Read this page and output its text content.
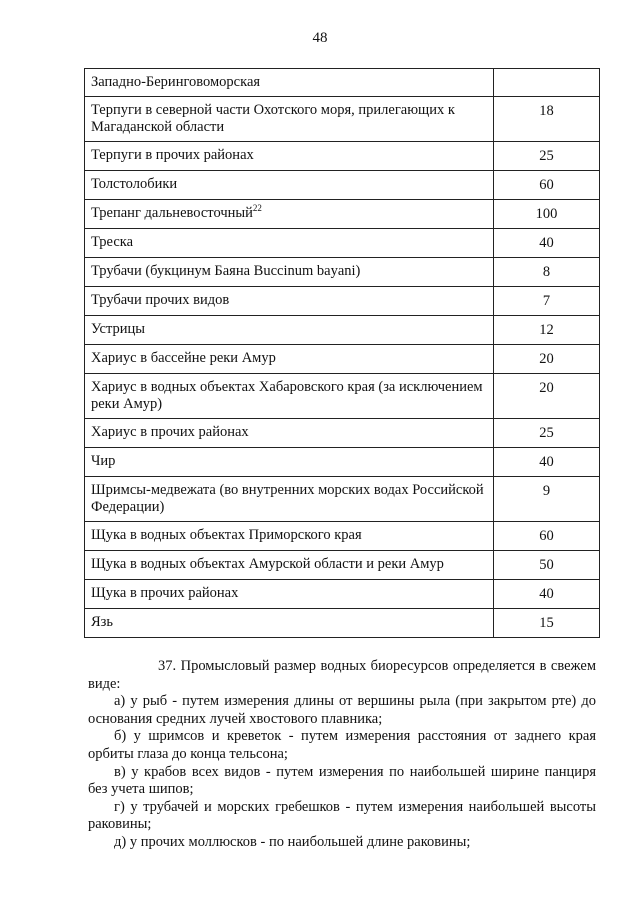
48
Западно-Беринговоморская	
Терпуги в северной части Охотского моря, прилегающих к Магаданской области	18
Терпуги в прочих районах	25
Толстолобики	60
Трепанг дальневосточный$^{22}$	100
Треска	40
Трубачи (букцинум Баяна Buccinum bayani)	8
Трубачи прочих видов	7
Устрицы	12
Хариус в бассейне реки Амур	20
Хариус в водных объектах Хабаровского края (за исключением реки Амур)	20
Хариус в прочих районах	25
Чир	40
Шримсы-медвежата (во внутренних морских водах Российской Федерации)	9
Щука в водных объектах Приморского края	60
Щука в водных объектах Амурской области и реки Амур	50
Щука в прочих районах	40
Язь	15

37. Промысловый размер водных биоресурсов определяется в свежем виде:

а) у рыб - путем измерения длины от вершины рыла (при закрытом рте) до основания средних лучей хвостового плавника;

б) у шримсов и креветок - путем измерения расстояния от заднего края орбиты глаза до конца тельсона;

в) у крабов всех видов - путем измерения по наибольшей ширине панциря без учета шипов;

г) у трубачей и морских гребешков - путем измерения наибольшей высоты раковины;

д) у прочих моллюсков - по наибольшей длине раковины;
